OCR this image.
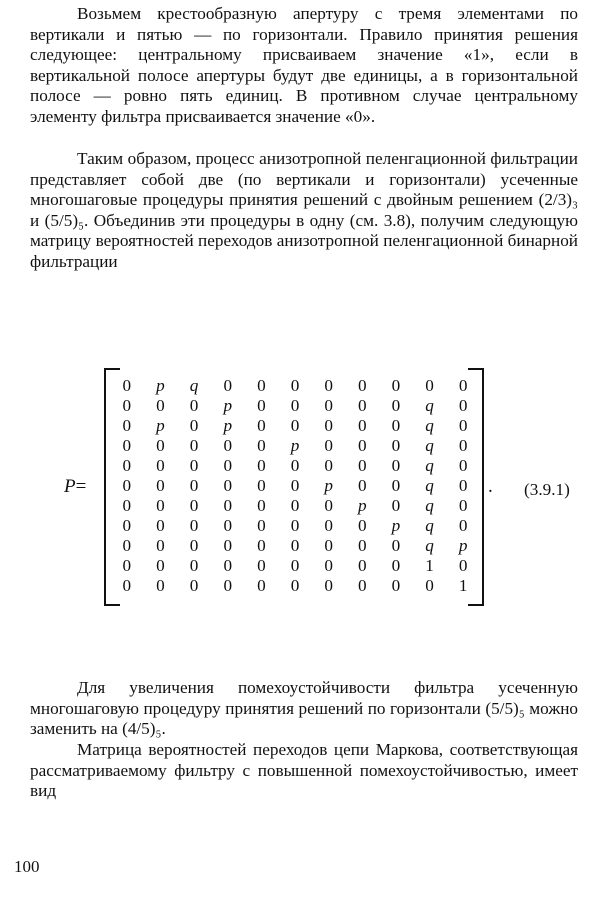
Возьмем крестообразную апертуру с тремя элементами по вертикали и пятью — по горизонтали. Правило принятия решения следующее: центральному присваиваем значение «1», если в вертикальной полосе апертуры будут две единицы, а в горизонтальной полосе — ровно пять единиц. В противном случае центральному элементу фильтра присваивается значение «0».

Таким образом, процесс анизотропной пеленгационной фильтрации представляет собой две (по вертикали и горизонтали) усеченные многошаговые процедуры принятия решений с двойным решением (2/3)₃ и (5/5)₅. Объединив эти процедуры в одну (см. 3.8), получим следующую матрицу вероятностей переходов анизотропной пеленгационной бинарной фильтрации

P=
0	p	q	0	0	0	0	0	0	0	0
0	0	0	p	0	0	0	0	0	q	0
0	p	0	p	0	0	0	0	0	q	0
0	0	0	0	0	p	0	0	0	q	0
0	0	0	0	0	0	0	0	0	q	0
0	0	0	0	0	0	p	0	0	q	0
0	0	0	0	0	0	0	p	0	q	0
0	0	0	0	0	0	0	0	p	q	0
0	0	0	0	0	0	0	0	0	q	p
0	0	0	0	0	0	0	0	0	1	0
0	0	0	0	0	0	0	0	0	0	1
. (3.9.1)

Для увеличения помехоустойчивости фильтра усеченную многошаговую процедуру принятия решений по горизонтали (5/5)₅ можно заменить на (4/5)₅.

Матрица вероятностей переходов цепи Маркова, соответствующая рассматриваемому фильтру с повышенной помехоустойчивостью, имеет вид

100
